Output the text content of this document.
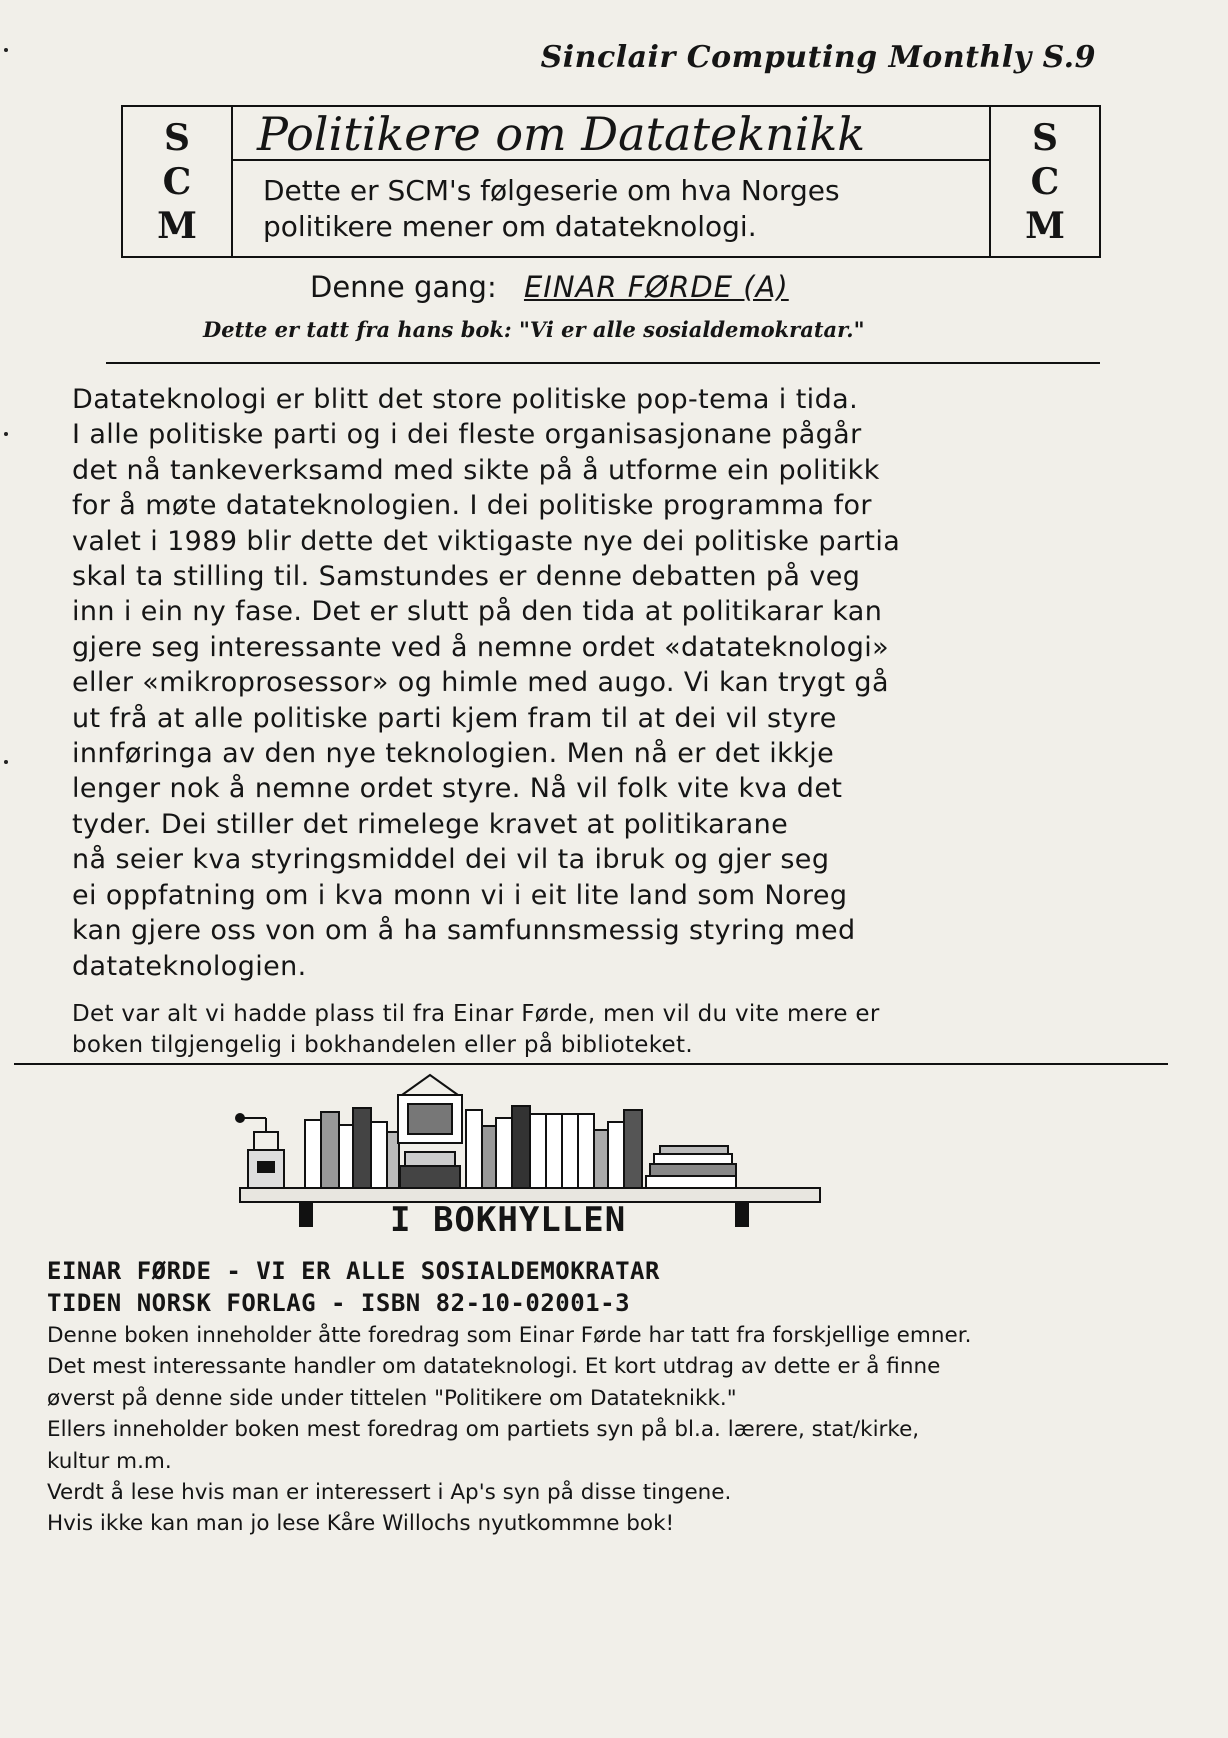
Sinclair Computing Monthly S.9
S
C
M
Politikere om Datateknikk
Dette er SCM's følgeserie om hva Norges
politikere mener om datateknologi.
S
C
M
Denne gang: EINAR FØRDE (A)
Dette er tatt fra hans bok: "Vi er alle sosialdemokratar."
Datateknologi er blitt det store politiske pop-tema i tida.
I alle politiske parti og i dei fleste organisasjonane pågår
det nå tankeverksamd med sikte på å utforme ein politikk
for å møte datateknologien. I dei politiske programma for
valet i 1989 blir dette det viktigaste nye dei politiske partia
skal ta stilling til. Samstundes er denne debatten på veg
inn i ein ny fase. Det er slutt på den tida at politikarar kan
gjere seg interessante ved å nemne ordet «datateknologi»
eller «mikroprosessor» og himle med augo. Vi kan trygt gå
ut frå at alle politiske parti kjem fram til at dei vil styre
innføringa av den nye teknologien. Men nå er det ikkje
lenger nok å nemne ordet styre. Nå vil folk vite kva det
tyder. Dei stiller det rimelege kravet at politikarane
nå seier kva styringsmiddel dei vil ta ibruk og gjer seg
ei oppfatning om i kva monn vi i eit lite land som Noreg
kan gjere oss von om å ha samfunnsmessig styring med
datateknologien.
Det var alt vi hadde plass til fra Einar Førde, men vil du vite mere er
boken tilgjengelig i bokhandelen eller på biblioteket.
I BOKHYLLEN
EINAR FØRDE - VI ER ALLE SOSIALDEMOKRATAR
TIDEN NORSK FORLAG - ISBN 82-10-02001-3
Denne boken inneholder åtte foredrag som Einar Førde har tatt fra forskjellige emner.
Det mest interessante handler om datateknologi. Et kort utdrag av dette er å finne
øverst på denne side under tittelen "Politikere om Datateknikk."
Ellers inneholder boken mest foredrag om partiets syn på bl.a. lærere, stat/kirke,
kultur m.m.
Verdt å lese hvis man er interessert i Ap's syn på disse tingene.
Hvis ikke kan man jo lese Kåre Willochs nyutkommne bok!
